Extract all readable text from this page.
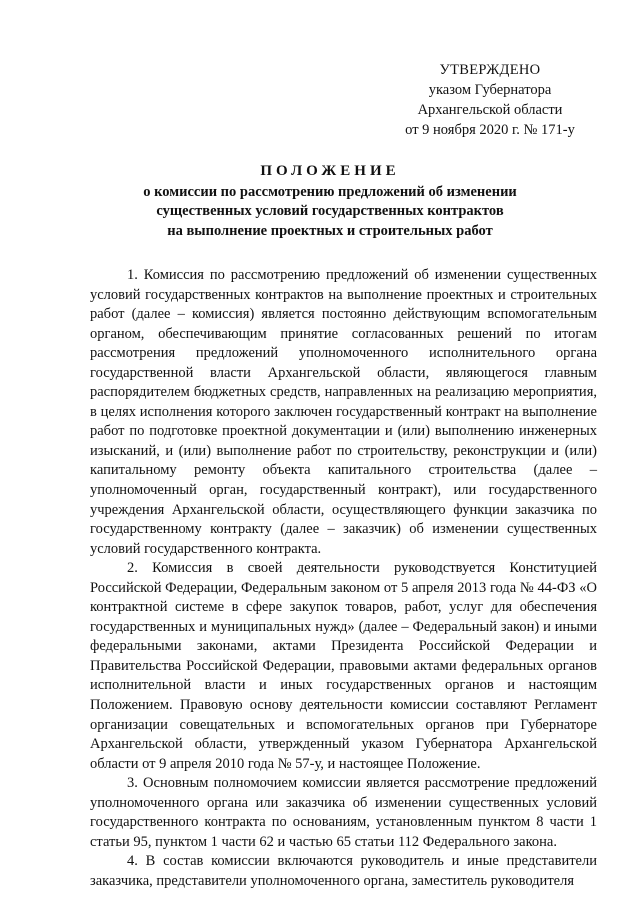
УТВЕРЖДЕНО
указом Губернатора
Архангельской области
от 9 ноября 2020 г. № 171-у
ПОЛОЖЕНИЕ
о комиссии по рассмотрению предложений об изменении
существенных условий государственных контрактов
на выполнение проектных и строительных работ

1. Комиссия по рассмотрению предложений об изменении существенных условий государственных контрактов на выполнение проектных и строительных работ (далее – комиссия) является постоянно действующим вспомогательным органом, обеспечивающим принятие согласованных решений по итогам рассмотрения предложений уполномоченного исполнительного органа государственной власти Архангельской области, являющегося главным распорядителем бюджетных средств, направленных на реализацию мероприятия, в целях исполнения которого заключен государственный контракт на выполнение работ по подготовке проектной документации и (или) выполнению инженерных изысканий, и (или) выполнение работ по строительству, реконструкции и (или) капитальному ремонту объекта капитального строительства (далее – уполномоченный орган, государственный контракт), или государственного учреждения Архангельской области, осуществляющего функции заказчика по государственному контракту (далее – заказчик) об изменении существенных условий государственного контракта.

2. Комиссия в своей деятельности руководствуется Конституцией Российской Федерации, Федеральным законом от 5 апреля 2013 года № 44-ФЗ «О контрактной системе в сфере закупок товаров, работ, услуг для обеспечения государственных и муниципальных нужд» (далее – Федеральный закон) и иными федеральными законами, актами Президента Российской Федерации и Правительства Российской Федерации, правовыми актами федеральных органов исполнительной власти и иных государственных органов и настоящим Положением. Правовую основу деятельности комиссии составляют Регламент организации совещательных и вспомогательных органов при Губернаторе Архангельской области, утвержденный указом Губернатора Архангельской области от 9 апреля 2010 года № 57-у, и настоящее Положение.

3. Основным полномочием комиссии является рассмотрение предложений уполномоченного органа или заказчика об изменении существенных условий государственного контракта по основаниям, установленным пунктом 8 части 1 статьи 95, пунктом 1 части 62 и частью 65 статьи 112 Федерального закона.

4. В состав комиссии включаются руководитель и иные представители заказчика, представители уполномоченного органа, заместитель руководителя
